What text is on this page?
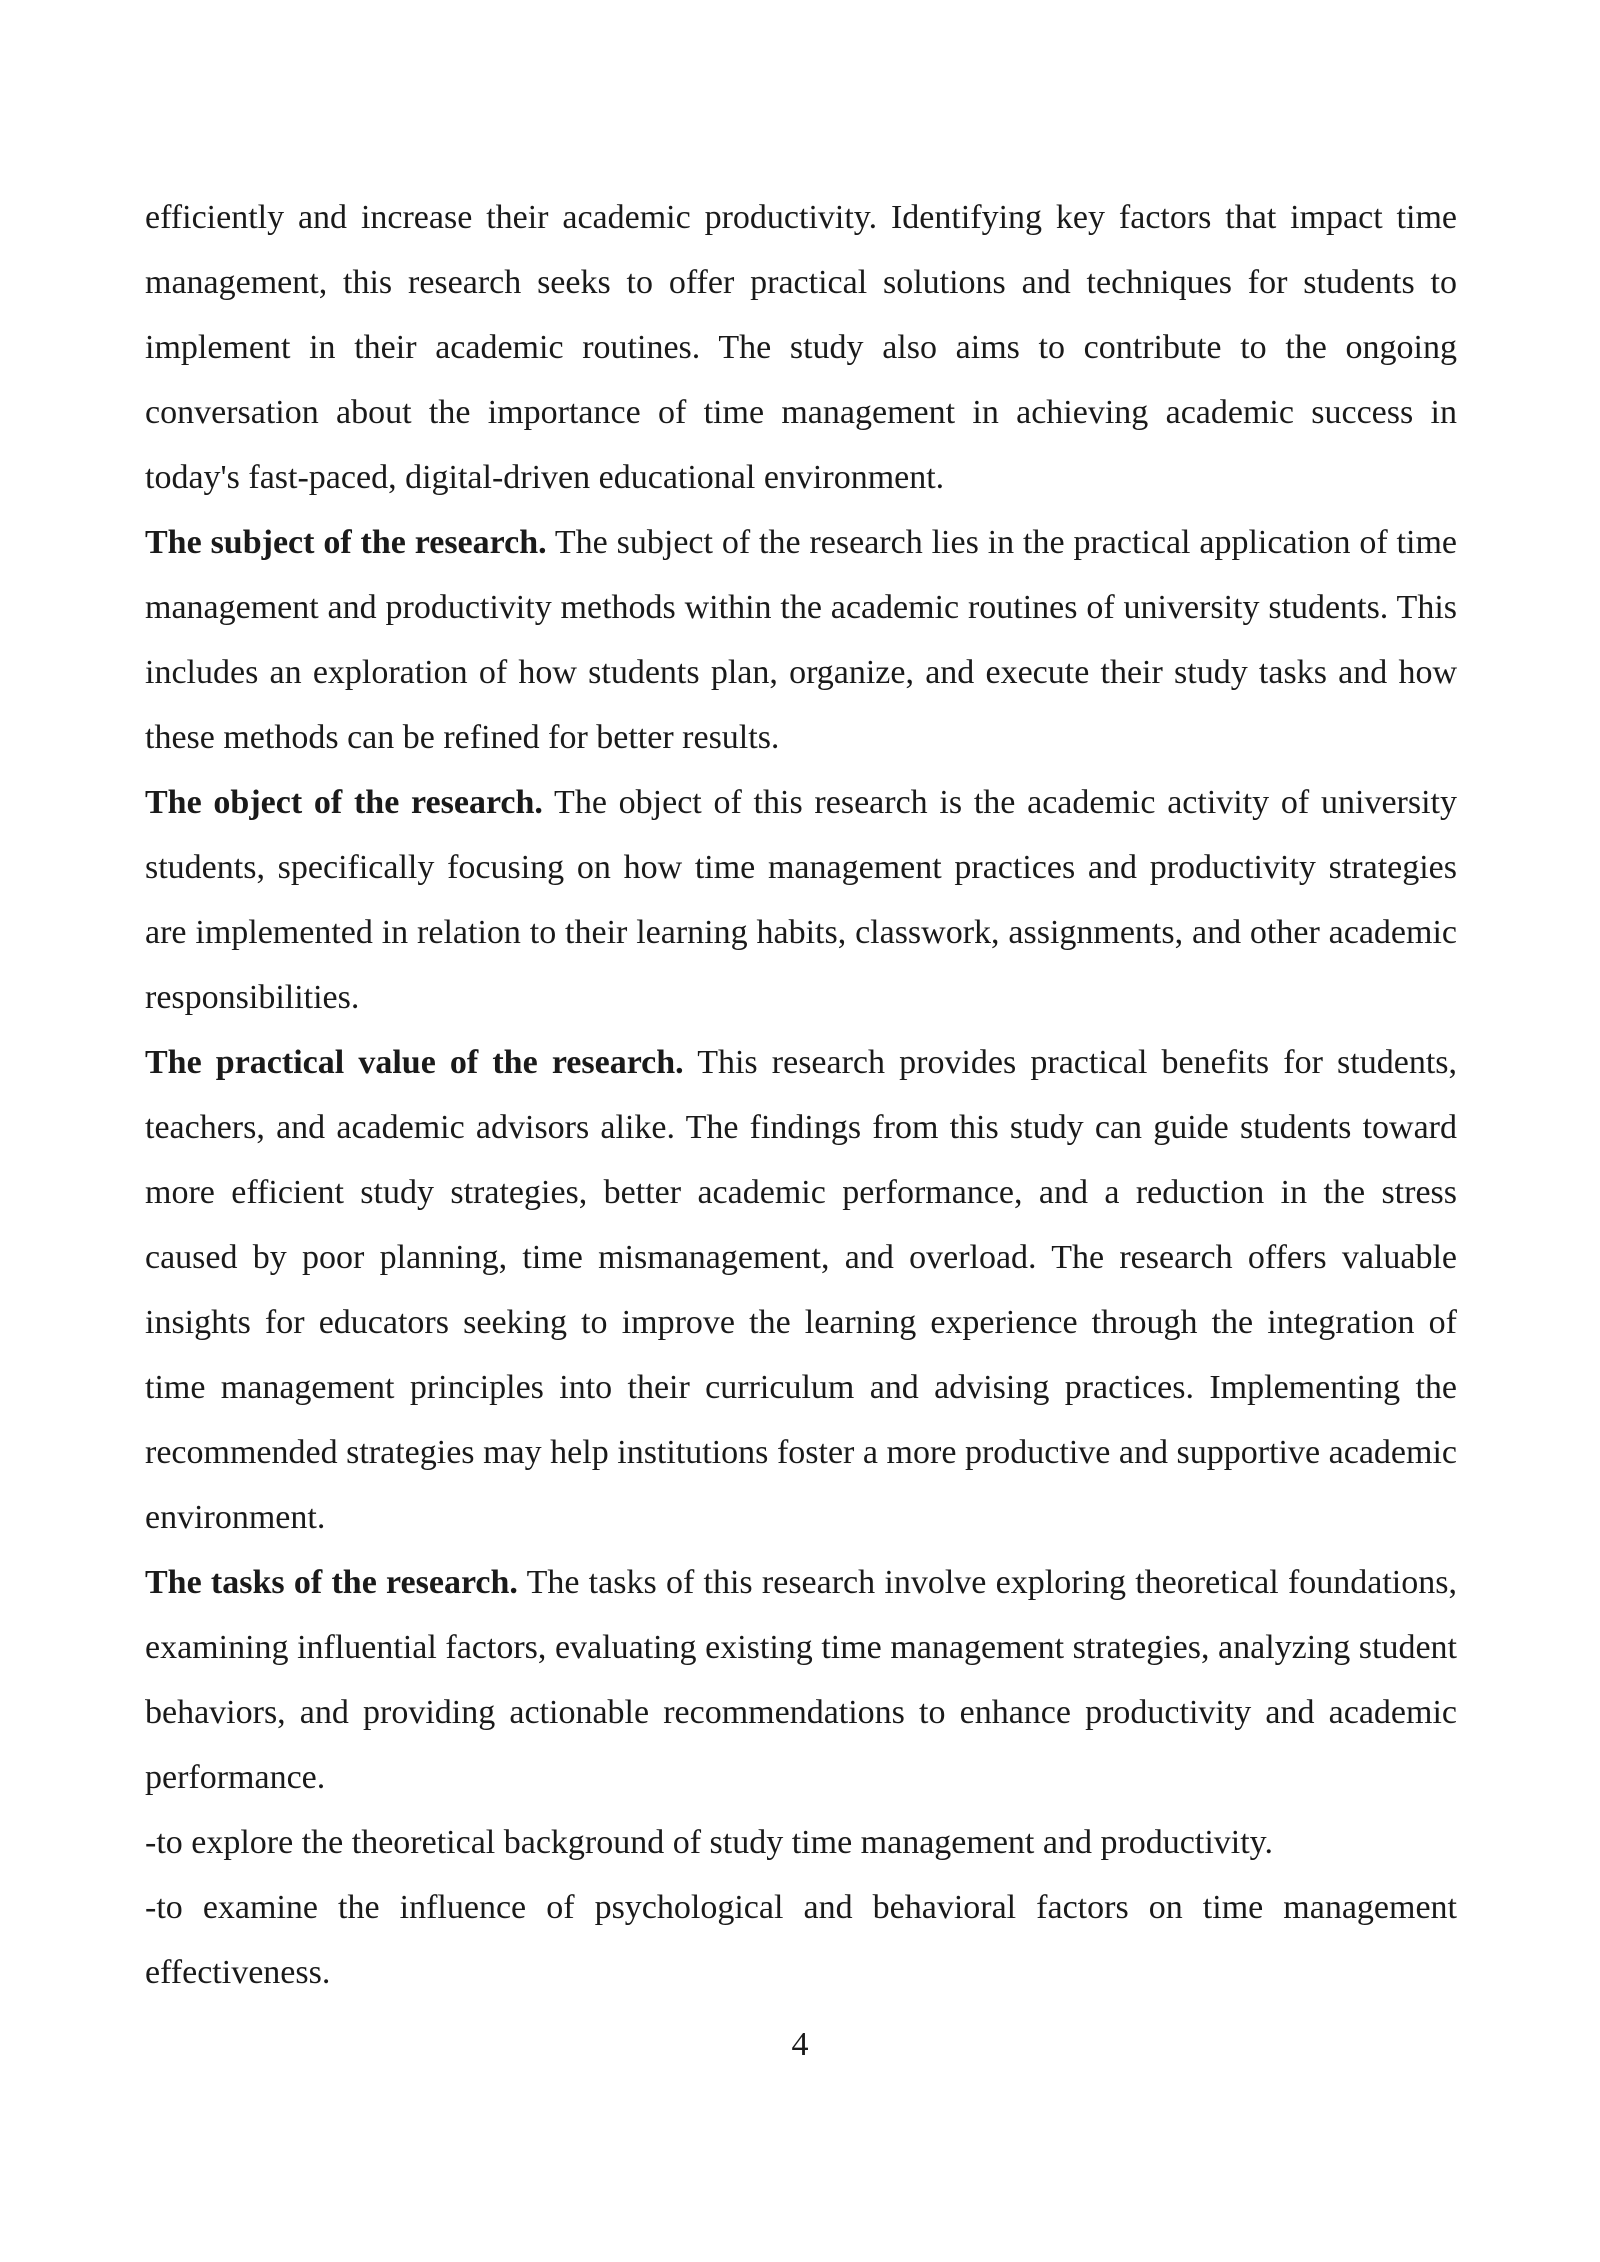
efficiently and increase their academic productivity. Identifying key factors that impact time management, this research seeks to offer practical solutions and techniques for students to implement in their academic routines. The study also aims to contribute to the ongoing conversation about the importance of time management in achieving academic success in today's fast-paced, digital-driven educational environment.

The subject of the research. The subject of the research lies in the practical application of time management and productivity methods within the academic routines of university students. This includes an exploration of how students plan, organize, and execute their study tasks and how these methods can be refined for better results.

The object of the research. The object of this research is the academic activity of university students, specifically focusing on how time management practices and productivity strategies are implemented in relation to their learning habits, classwork, assignments, and other academic responsibilities.

The practical value of the research. This research provides practical benefits for students, teachers, and academic advisors alike. The findings from this study can guide students toward more efficient study strategies, better academic performance, and a reduction in the stress caused by poor planning, time mismanagement, and overload. The research offers valuable insights for educators seeking to improve the learning experience through the integration of time management principles into their curriculum and advising practices. Implementing the recommended strategies may help institutions foster a more productive and supportive academic environment.

The tasks of the research. The tasks of this research involve exploring theoretical foundations, examining influential factors, evaluating existing time management strategies, analyzing student behaviors, and providing actionable recommendations to enhance productivity and academic performance.

-to explore the theoretical background of study time management and productivity.

-to examine the influence of psychological and behavioral factors on time management effectiveness.

4
